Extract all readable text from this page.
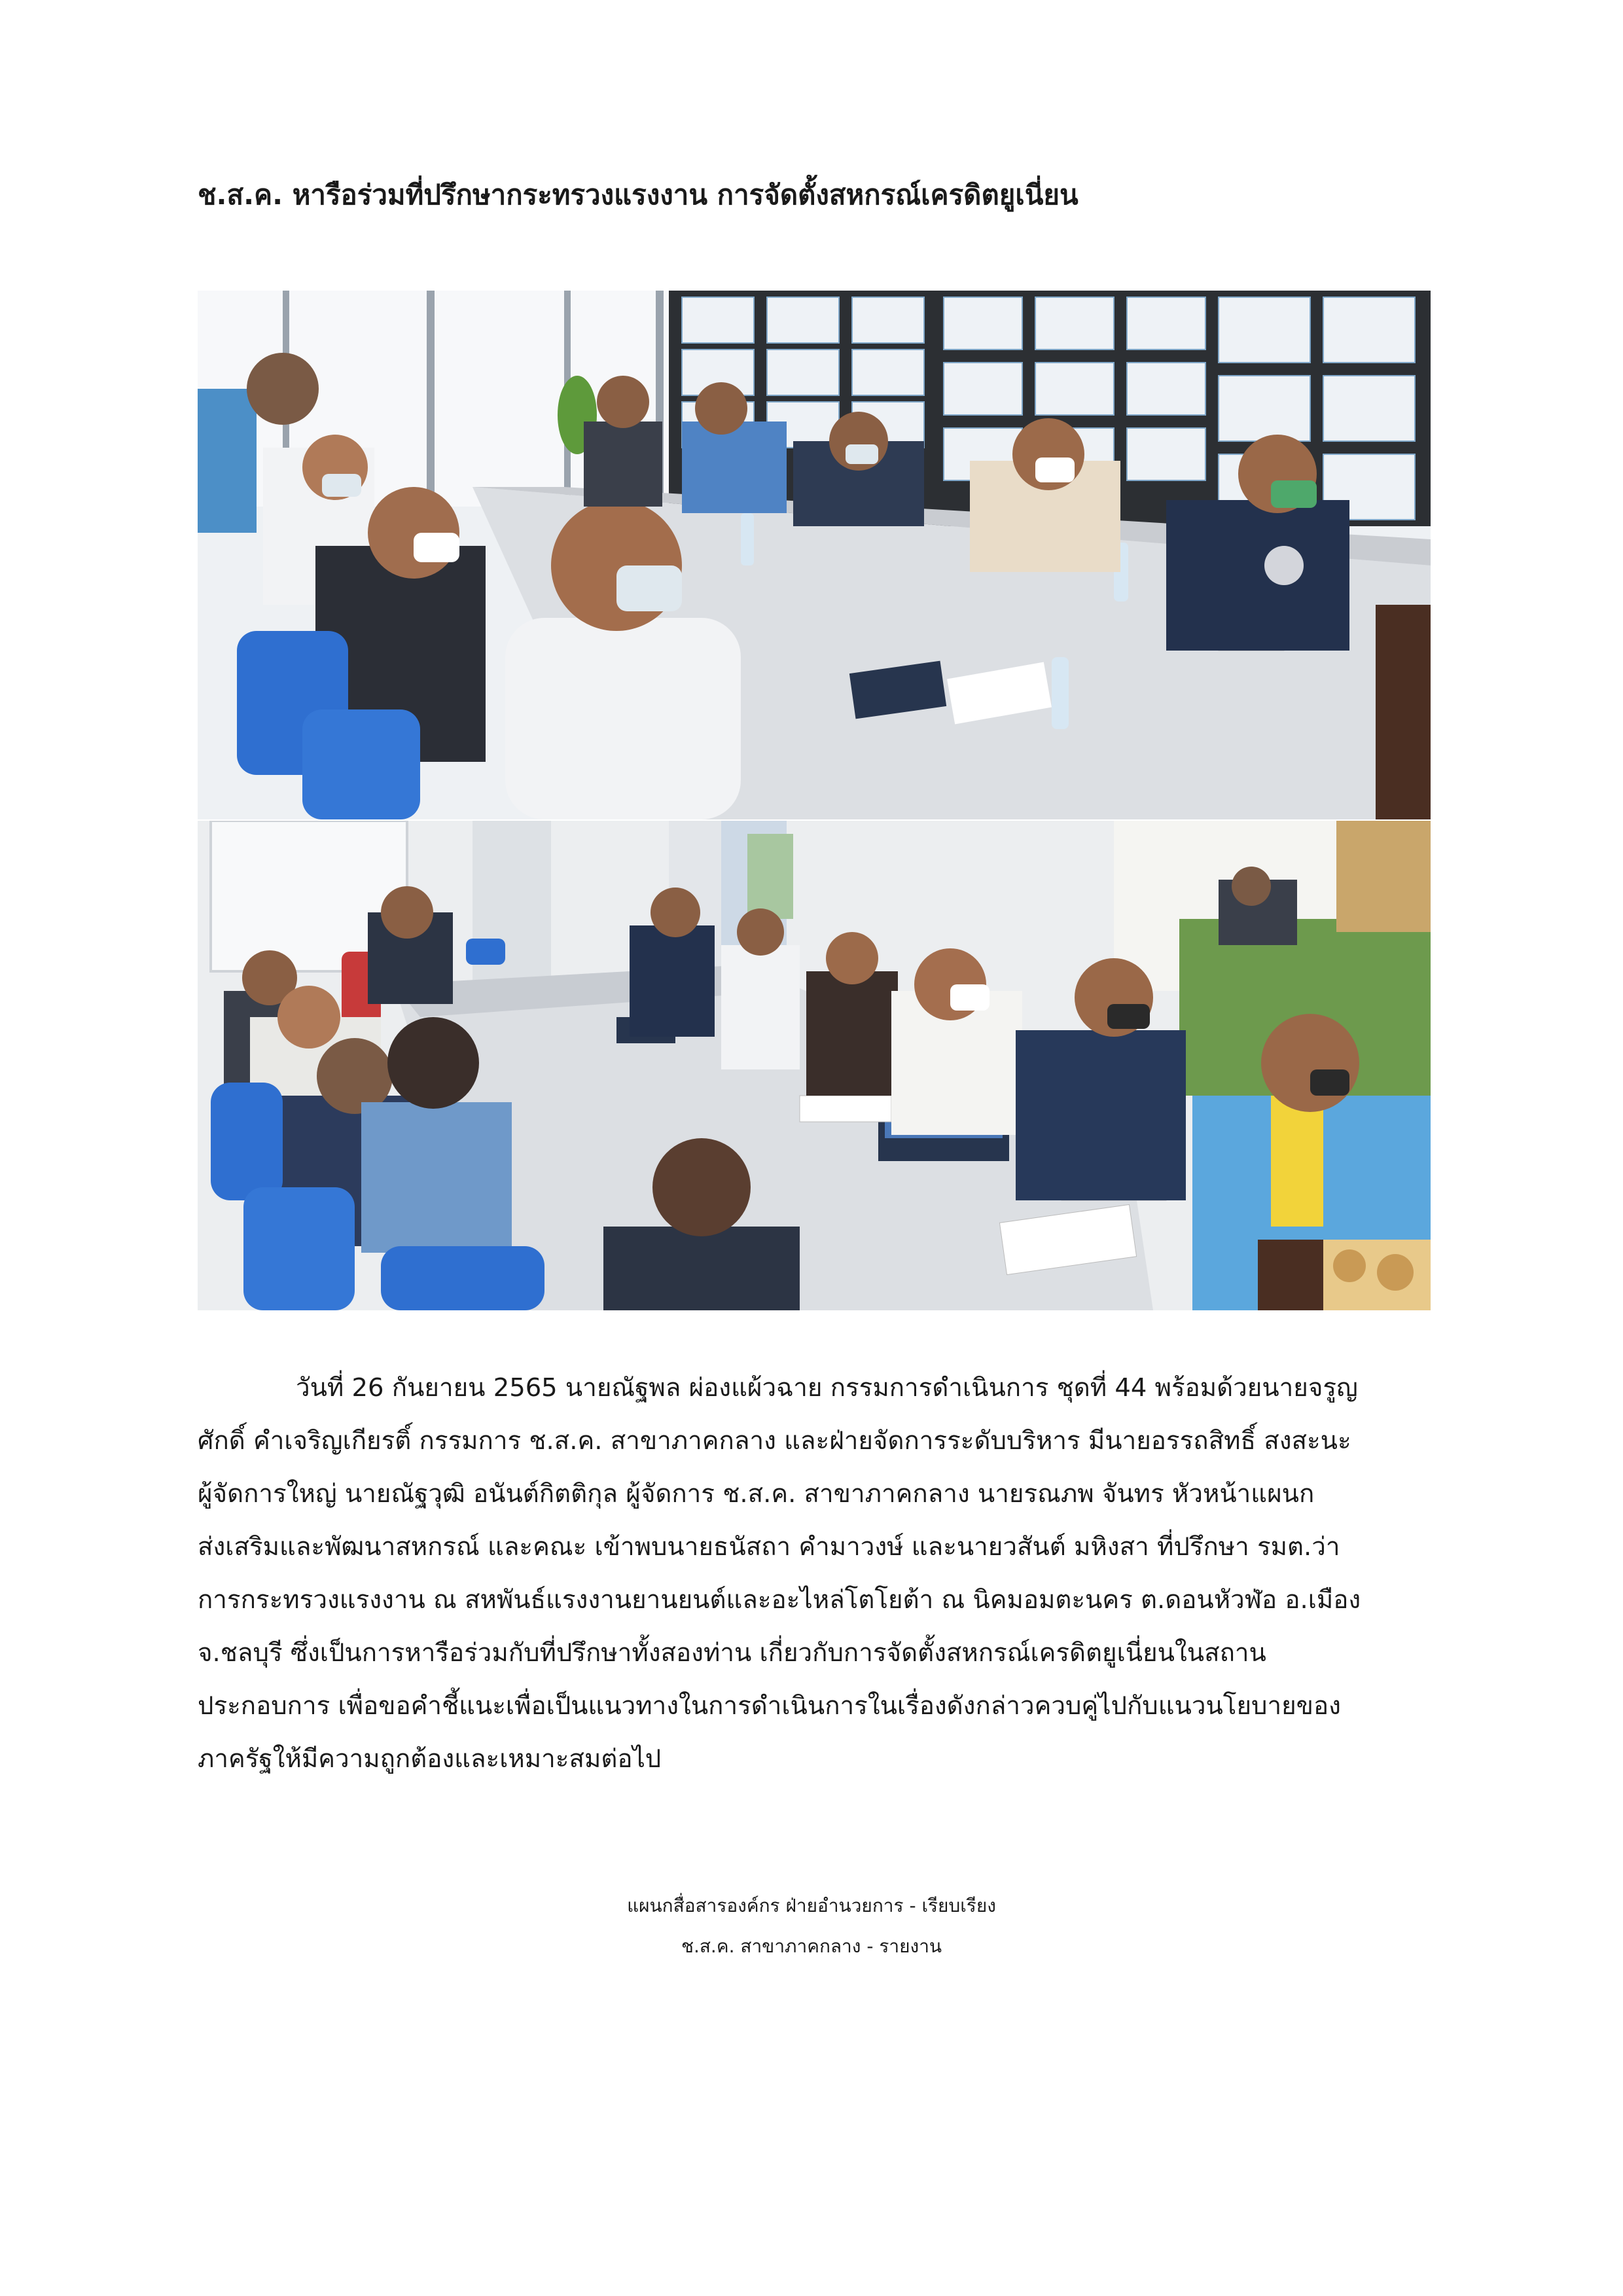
ช.ส.ค. หารือร่วมที่ปรึกษากระทรวงแรงงาน การจัดตั้งสหกรณ์เครดิตยูเนี่ยน
วันที่ 26 กันยายน 2565 นายณัฐพล ผ่องแผ้วฉาย กรรมการดำเนินการ ชุดที่ 44 พร้อมด้วยนายจรูญ
ศักดิ์ คำเจริญเกียรติ์ กรรมการ ช.ส.ค. สาขาภาคกลาง และฝ่ายจัดการระดับบริหาร มีนายอรรถสิทธิ์ สงสะนะ
ผู้จัดการใหญ่ นายณัฐวุฒิ อนันต์กิตติกุล ผู้จัดการ ช.ส.ค. สาขาภาคกลาง นายรณภพ จันทร หัวหน้าแผนก
ส่งเสริมและพัฒนาสหกรณ์ และคณะ เข้าพบนายธนัสถา คำมาวงษ์ และนายวสันต์ มหิงสา ที่ปรึกษา รมต.ว่า
การกระทรวงแรงงาน ณ สหพันธ์แรงงานยานยนต์และอะไหล่โตโยต้า ณ นิคมอมตะนคร ต.ดอนหัวฬ่อ อ.เมือง
จ.ชลบุรี ซึ่งเป็นการหารือร่วมกับที่ปรึกษาทั้งสองท่าน เกี่ยวกับการจัดตั้งสหกรณ์เครดิตยูเนี่ยนในสถาน
ประกอบการ เพื่อขอคำชี้แนะเพื่อเป็นแนวทางในการดำเนินการในเรื่องดังกล่าวควบคู่ไปกับแนวนโยบายของ
ภาครัฐให้มีความถูกต้องและเหมาะสมต่อไป
แผนกสื่อสารองค์กร ฝ่ายอำนวยการ - เรียบเรียง
ช.ส.ค. สาขาภาคกลาง - รายงาน
